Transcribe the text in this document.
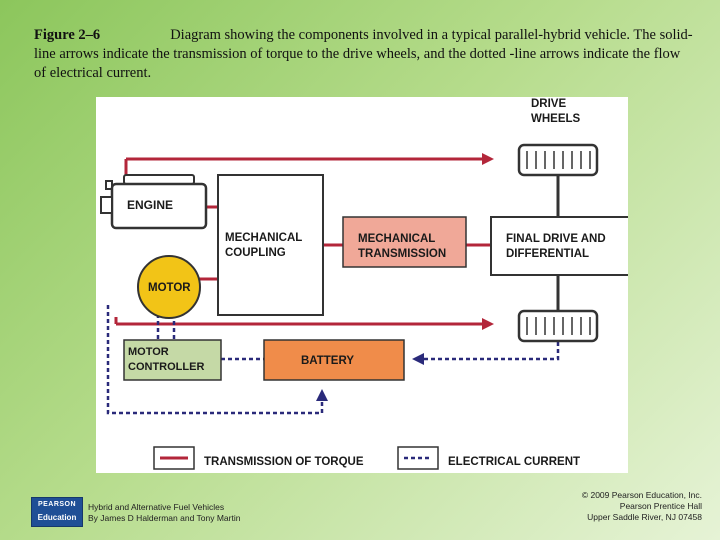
Figure 2–6	Diagram showing the components involved in a typical parallel-hybrid vehicle. The solid-line arrows indicate the transmission of torque to the drive wheels, and the dotted -line arrows indicate the flow of electrical current.
ENGINE
MECHANICAL
COUPLING
MECHANICAL
TRANSMISSION
FINAL DRIVE AND
DIFFERENTIAL
DRIVE
WHEELS
MOTOR
MOTOR
CONTROLLER	BATTERY
TRANSMISSION OF TORQUE	ELECTRICAL CURRENT
PEARSON
Education
Hybrid and Alternative Fuel Vehicles
By James D Halderman and Tony Martin
© 2009 Pearson Education, Inc.
Pearson Prentice Hall
Upper Saddle River, NJ 07458
